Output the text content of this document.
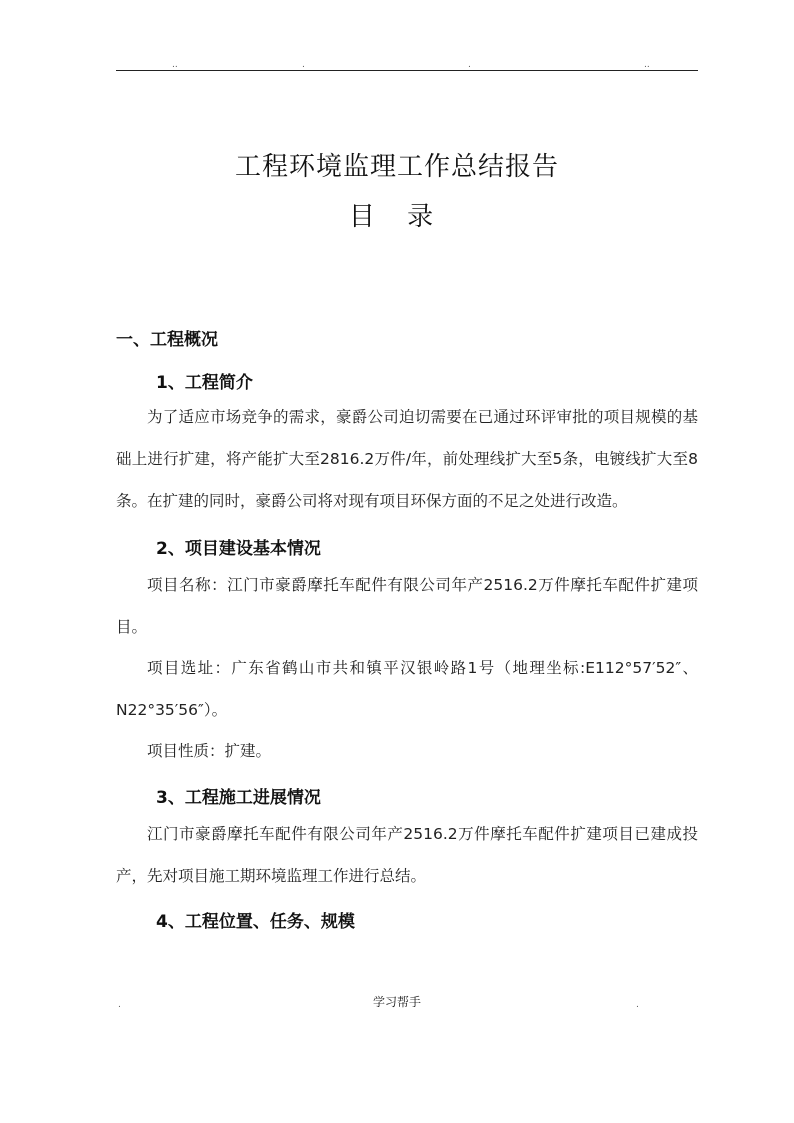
..	.	.	..
工程环境监理工作总结报告
目 录
一、工程概况
1、工程简介

为了适应市场竞争的需求，豪爵公司迫切需要在已通过环评审批的项目规模的基础上进行扩建，将产能扩大至2816.2万件/年，前处理线扩大至5条，电镀线扩大至8条。在扩建的同时，豪爵公司将对现有项目环保方面的不足之处进行改造。

2、项目建设基本情况

项目名称：江门市豪爵摩托车配件有限公司年产2516.2万件摩托车配件扩建项目。

项目选址：广东省鹤山市共和镇平汉银岭路1号（地理坐标:E112°57′52″、N22°35′56″）。

项目性质：扩建。

3、工程施工进展情况

江门市豪爵摩托车配件有限公司年产2516.2万件摩托车配件扩建项目已建成投产，先对项目施工期环境监理工作进行总结。

4、工程位置、任务、规模
学习帮手
.	.
